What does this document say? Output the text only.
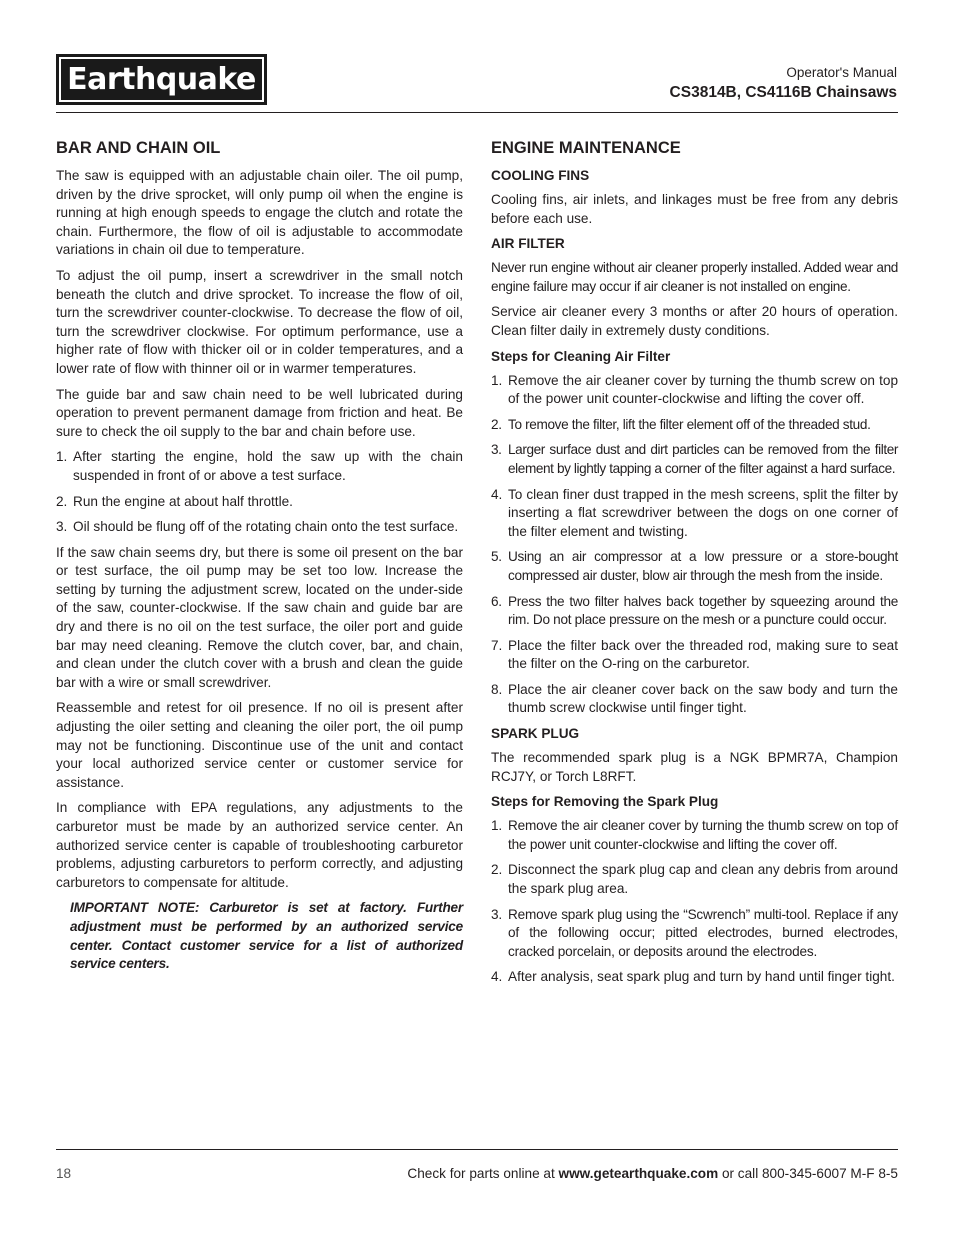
Earthquake	Operator's Manual
CS3814B, CS4116B Chainsaws
BAR AND CHAIN OIL

The saw is equipped with an adjustable chain oiler. The oil pump, driven by the drive sprocket, will only pump oil when the engine is running at high enough speeds to engage the clutch and rotate the chain. Furthermore, the flow of oil is adjustable to accommodate variations in chain oil due to temperature.

To adjust the oil pump, insert a screwdriver in the small notch beneath the clutch and drive sprocket. To increase the flow of oil, turn the screwdriver counter-clockwise. To decrease the flow of oil, turn the screwdriver clockwise. For optimum performance, use a higher rate of flow with thicker oil or in colder temperatures, and a lower rate of flow with thinner oil or in warmer temperatures.

The guide bar and saw chain need to be well lubricated during operation to prevent permanent damage from friction and heat. Be sure to check the oil supply to the bar and chain before use.

1. After starting the engine, hold the saw up with the chain suspended in front of or above a test surface.
2. Run the engine at about half throttle.
3. Oil should be flung off of the rotating chain onto the test surface.

If the saw chain seems dry, but there is some oil present on the bar or test surface, the oil pump may be set too low. Increase the setting by turning the adjustment screw, located on the under-side of the saw, counter-clockwise. If the saw chain and guide bar are dry and there is no oil on the test surface, the oiler port and guide bar may need cleaning. Remove the clutch cover, bar, and chain, and clean under the clutch cover with a brush and clean the guide bar with a wire or small screwdriver.

Reassemble and retest for oil presence. If no oil is present after adjusting the oiler setting and cleaning the oiler port, the oil pump may not be functioning. Discontinue use of the unit and contact your local authorized service center or customer service for assistance.

In compliance with EPA regulations, any adjustments to the carburetor must be made by an authorized service center. An authorized service center is capable of troubleshooting carburetor problems, adjusting carburetors to perform correctly, and adjusting carburetors to compensate for altitude.

IMPORTANT NOTE: Carburetor is set at factory. Further adjustment must be performed by an authorized service center. Contact customer service for a list of authorized service centers.

ENGINE MAINTENANCE
COOLING FINS

Cooling fins, air inlets, and linkages must be free from any debris before each use.

AIR FILTER

Never run engine without air cleaner properly installed. Added wear and engine failure may occur if air cleaner is not installed on engine.

Service air cleaner every 3 months or after 20 hours of operation. Clean filter daily in extremely dusty conditions.

Steps for Cleaning Air Filter
1. Remove the air cleaner cover by turning the thumb screw on top of the power unit counter-clockwise and lifting the cover off.
2. To remove the filter, lift the filter element off of the threaded stud.
3. Larger surface dust and dirt particles can be removed from the filter element by lightly tapping a corner of the filter against a hard surface.
4. To clean finer dust trapped in the mesh screens, split the filter by inserting a flat screwdriver between the dogs on one corner of the filter element and twisting.
5. Using an air compressor at a low pressure or a store-bought compressed air duster, blow air through the mesh from the inside.
6. Press the two filter halves back together by squeezing around the rim. Do not place pressure on the mesh or a puncture could occur.
7. Place the filter back over the threaded rod, making sure to seat the filter on the O-ring on the carburetor.
8. Place the air cleaner cover back on the saw body and turn the thumb screw clockwise until finger tight.
SPARK PLUG

The recommended spark plug is a NGK BPMR7A, Champion RCJ7Y, or Torch L8RFT.

Steps for Removing the Spark Plug
1. Remove the air cleaner cover by turning the thumb screw on top of the power unit counter-clockwise and lifting the cover off.
2. Disconnect the spark plug cap and clean any debris from around the spark plug area.
3. Remove spark plug using the “Scwrench” multi-tool. Replace if any of the following occur; pitted electrodes, burned electrodes, cracked porcelain, or deposits around the electrodes.
4. After analysis, seat spark plug and turn by hand until finger tight.
18	Check for parts online at www.getearthquake.com or call 800-345-6007 M-F 8-5
